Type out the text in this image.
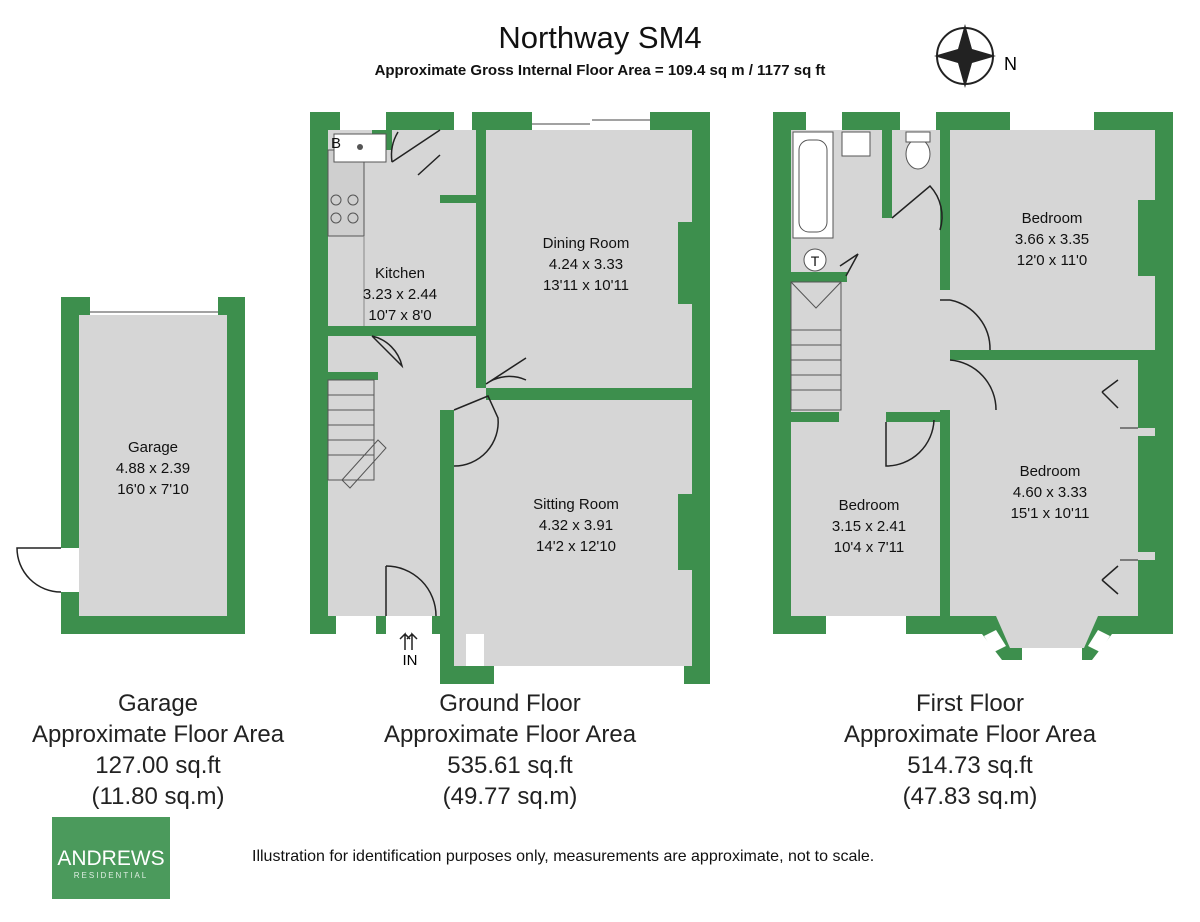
Northway SM4
Approximate Gross Internal Floor Area = 109.4 sq m / 1177 sq ft	N
Garage
4.88 x 2.39
16'0 x 7'10
B
Kitchen
3.23 x 2.44
10'7 x 8'0
Dining Room
4.24 x 3.33
13'11 x 10'11
Sitting Room
4.32 x 3.91
14'2 x 12'10
IN
T
Bedroom
3.66 x 3.35
12'0 x 11'0
Bedroom
4.60 x 3.33
15'1 x 10'11
Bedroom
3.15 x 2.41
10'4 x 7'11
Garage
Approximate Floor Area
127.00 sq.ft
(11.80 sq.m)
Ground Floor
Approximate Floor Area
535.61 sq.ft
(49.77 sq.m)
First Floor
Approximate Floor Area
514.73 sq.ft
(47.83 sq.m)
ANDREWS
RESIDENTIAL
Illustration for identification purposes only, measurements are approximate, not to scale.
